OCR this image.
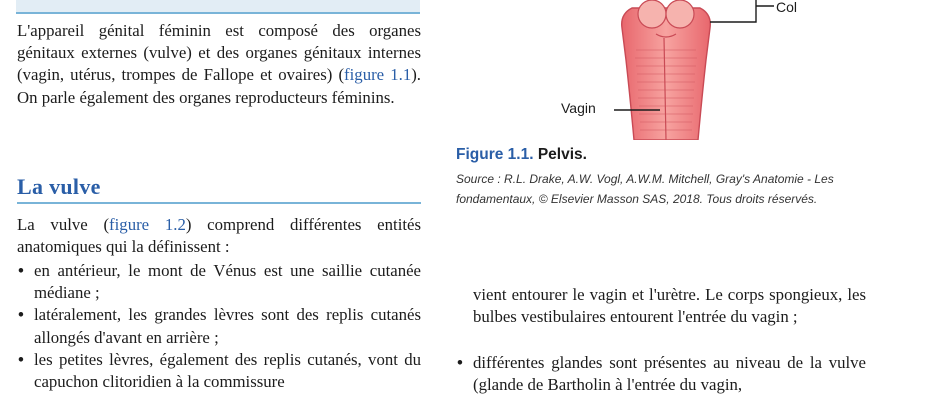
L'appareil génital féminin est composé des organes génitaux externes (vulve) et des organes génitaux internes (vagin, utérus, trompes de Fallope et ovaires) (figure 1.1). On parle également des organes reproducteurs féminins.

La vulve

La vulve (figure 1.2) comprend différentes entités anatomiques qui la définissent :

• en antérieur, le mont de Vénus est une saillie cutanée médiane ;
• latéralement, les grandes lèvres sont des replis cutanés allongés d'avant en arrière ;
• les petites lèvres, également des replis cutanés, vont du capuchon clitoridien à la commissure
Col
Vagin
Figure 1.1. Pelvis.

Source : R.L. Drake, A.W. Vogl, A.W.M. Mitchell, Gray's Anatomie - Les fondamentaux, © Elsevier Masson SAS, 2018. Tous droits réservés.

vient entourer le vagin et l'urètre. Le corps spongieux, les bulbes vestibulaires entourent l'entrée du vagin ;

• différentes glandes sont présentes au niveau de la vulve (glande de Bartholin à l'entrée du vagin,
